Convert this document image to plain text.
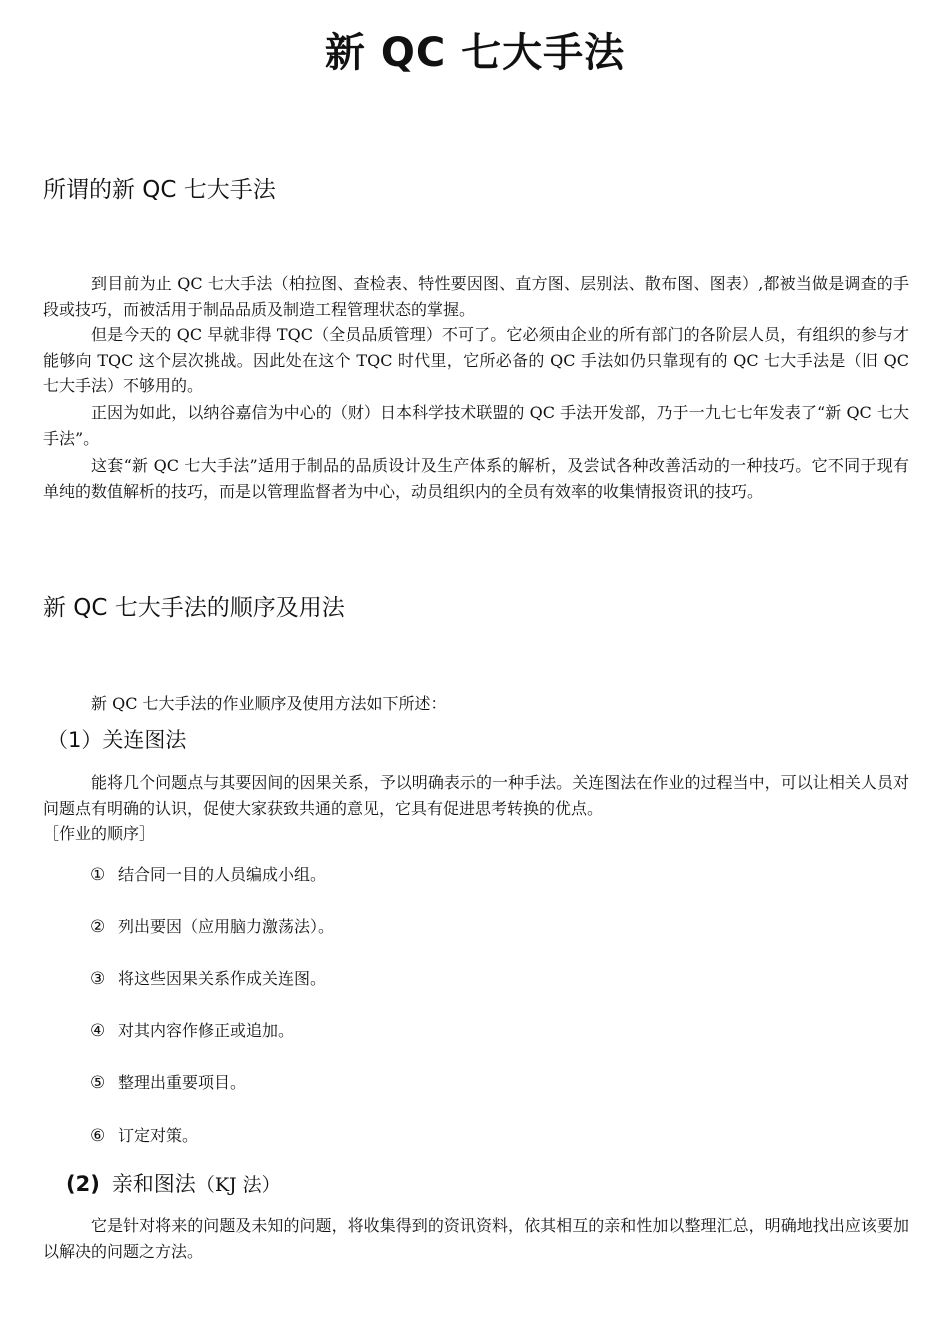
新 QC 七大手法
所谓的新 QC 七大手法

到目前为止 QC 七大手法（柏拉图、查检表、特性要因图、直方图、层别法、散布图、图表）,都被当做是调查的手段或技巧，而被活用于制品品质及制造工程管理状态的掌握。

但是今天的 QC 早就非得 TQC（全员品质管理）不可了。它必须由企业的所有部门的各阶层人员，有组织的参与才能够向 TQC 这个层次挑战。因此处在这个 TQC 时代里，它所必备的 QC 手法如仍只靠现有的 QC 七大手法是（旧 QC 七大手法）不够用的。

正因为如此，以纳谷嘉信为中心的（财）日本科学技术联盟的 QC 手法开发部，乃于一九七七年发表了“新 QC 七大手法”。

这套“新 QC 七大手法”适用于制品的品质设计及生产体系的解析，及尝试各种改善活动的一种技巧。它不同于现有单纯的数值解析的技巧，而是以管理监督者为中心，动员组织内的全员有效率的收集情报资讯的技巧。

新 QC 七大手法的顺序及用法
新 QC 七大手法的作业顺序及使用方法如下所述：
（1）关连图法

能将几个问题点与其要因间的因果关系，予以明确表示的一种手法。关连图法在作业的过程当中，可以让相关人员对问题点有明确的认识，促使大家获致共通的意见，它具有促进思考转换的优点。

［作业的顺序］
① 结合同一目的人员编成小组。
② 列出要因（应用脑力激荡法）。
③ 将这些因果关系作成关连图。
④ 对其内容作修正或追加。
⑤ 整理出重要项目。
⑥ 订定对策。
(2) 亲和图法（KJ 法）

它是针对将来的问题及未知的问题，将收集得到的资讯资料，依其相互的亲和性加以整理汇总，明确地找出应该要加以解决的问题之方法。
